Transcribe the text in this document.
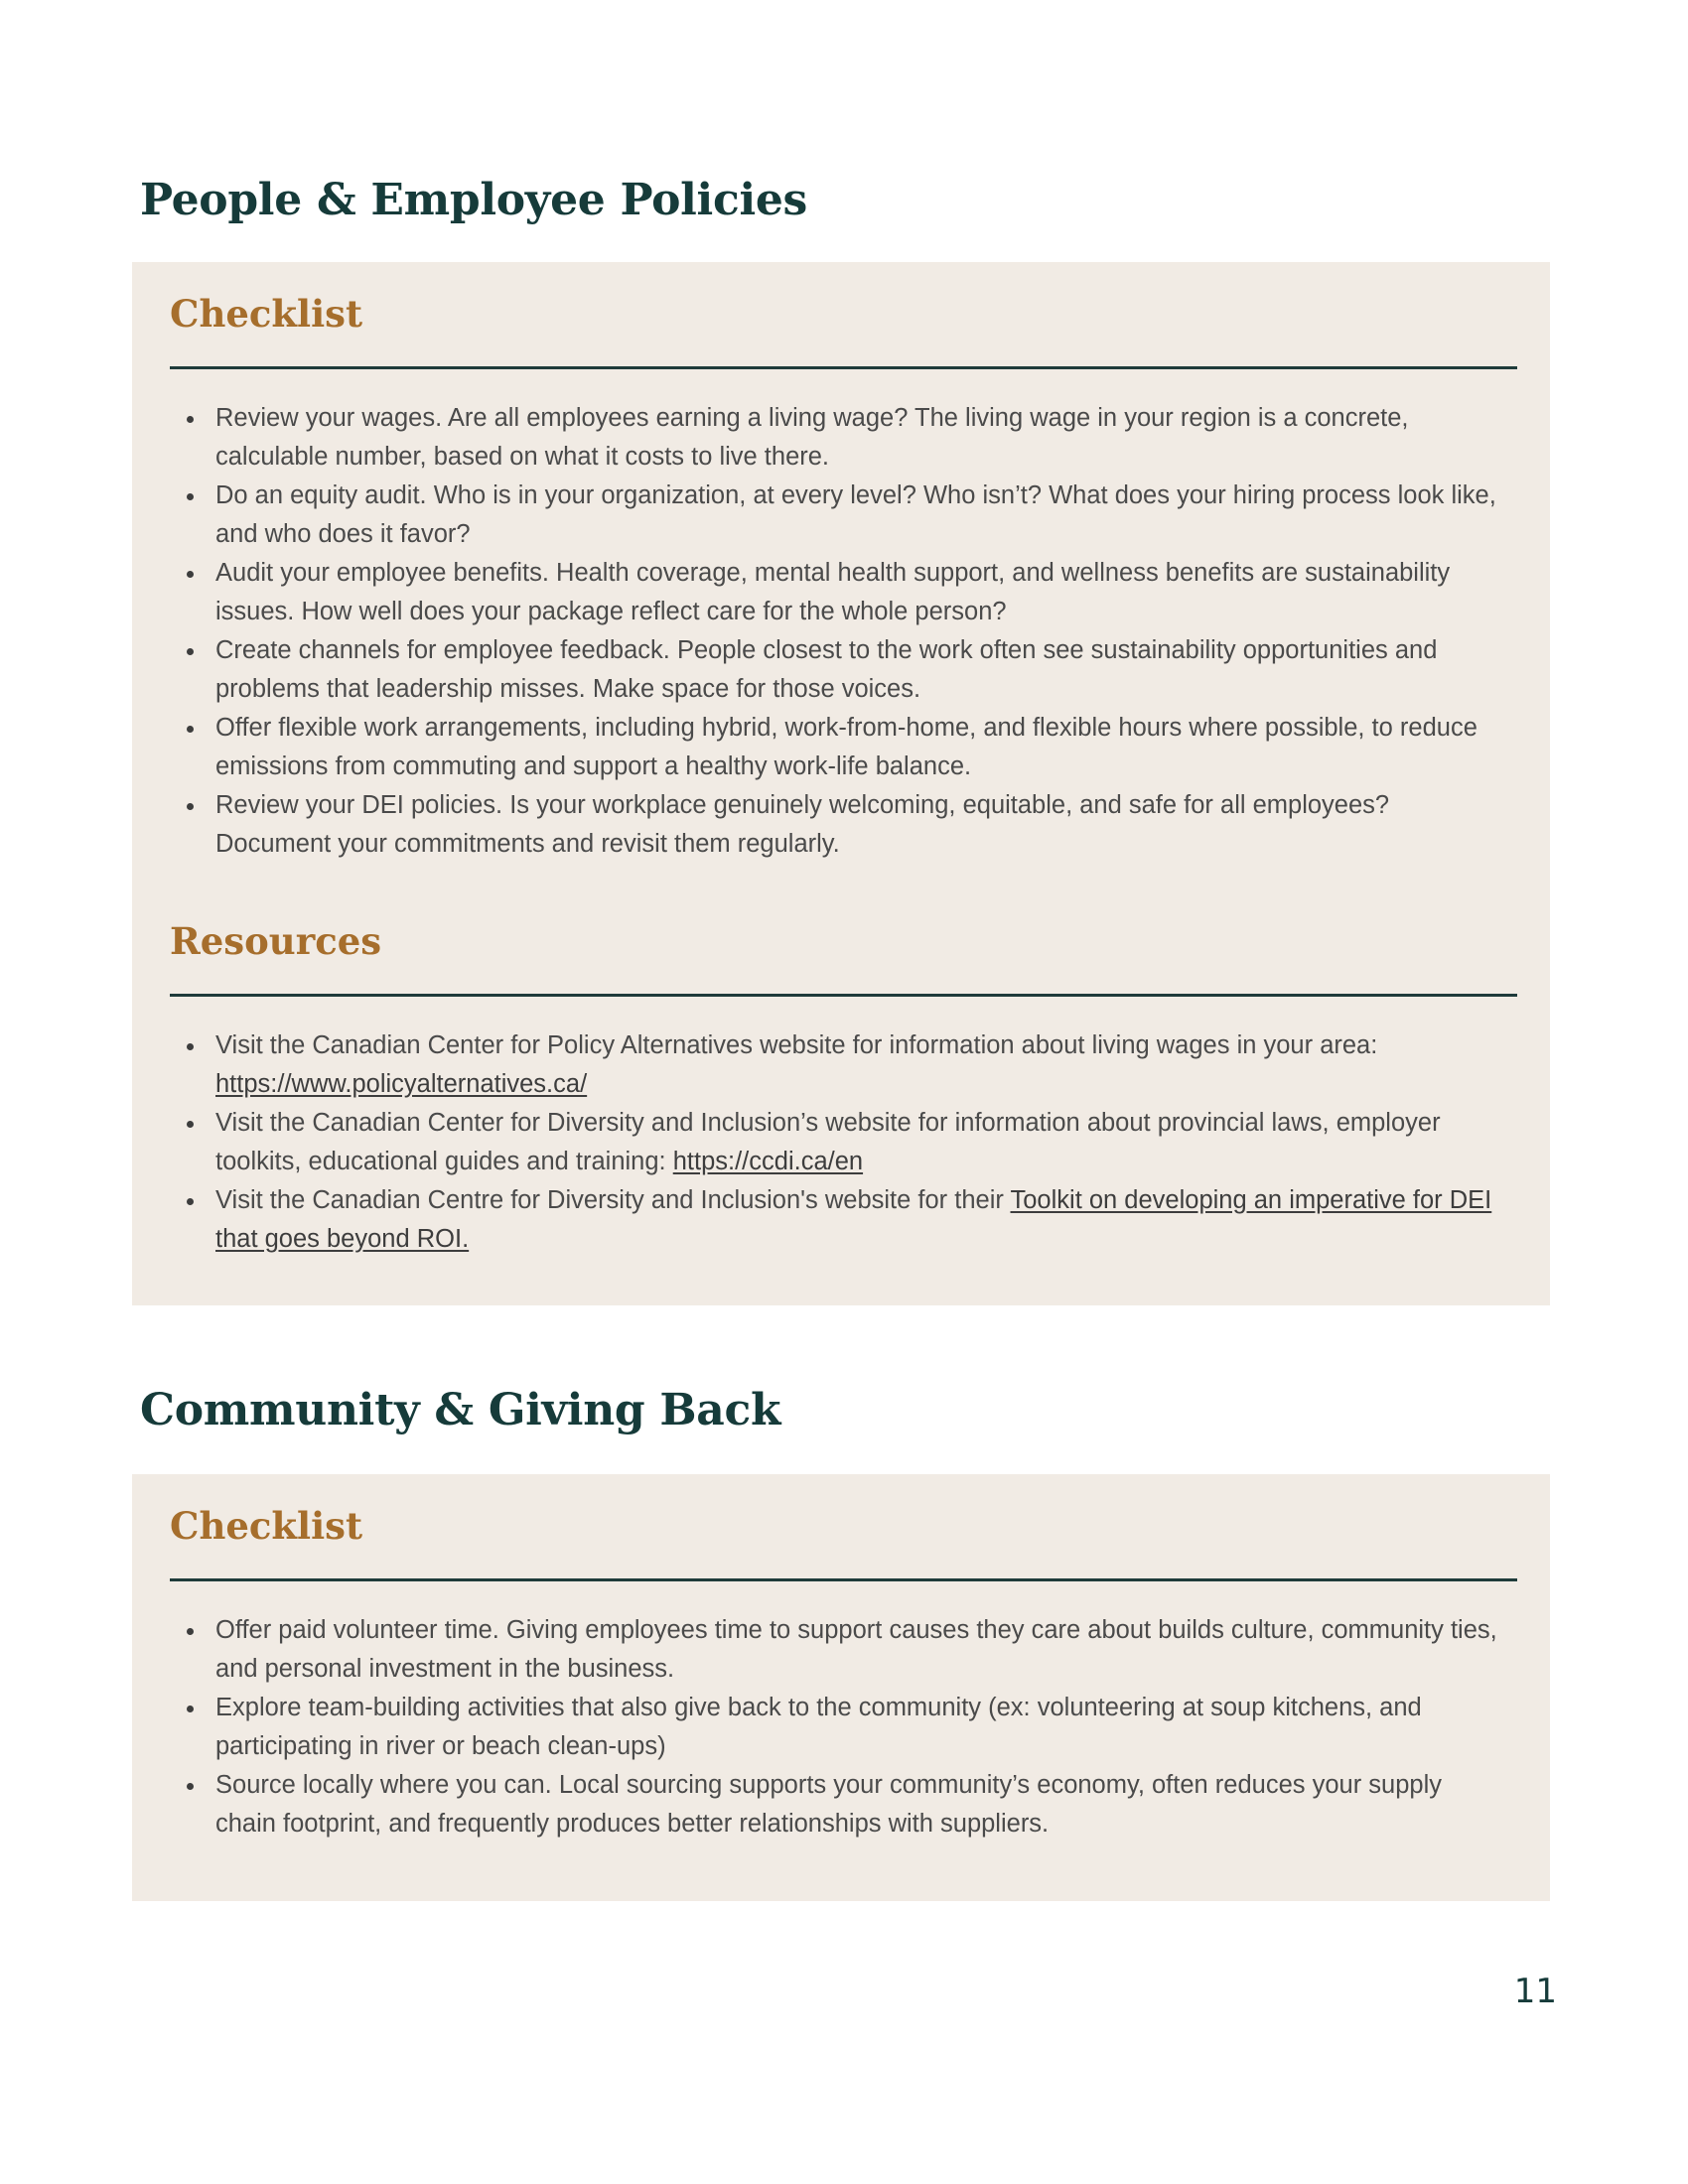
People & Employee Policies
Checklist
Review your wages. Are all employees earning a living wage? The living wage in your region is a concrete, calculable number, based on what it costs to live there.
Do an equity audit. Who is in your organization, at every level? Who isn’t? What does your hiring process look like, and who does it favor?
Audit your employee benefits. Health coverage, mental health support, and wellness benefits are sustainability issues. How well does your package reflect care for the whole person?
Create channels for employee feedback. People closest to the work often see sustainability opportunities and problems that leadership misses. Make space for those voices.
Offer flexible work arrangements, including hybrid, work-from-home, and flexible hours where possible, to reduce emissions from commuting and support a healthy work-life balance.
Review your DEI policies. Is your workplace genuinely welcoming, equitable, and safe for all employees? Document your commitments and revisit them regularly.
Resources
Visit the Canadian Center for Policy Alternatives website for information about living wages in your area: https://www.policyalternatives.ca/
Visit the Canadian Center for Diversity and Inclusion’s website for information about provincial laws, employer toolkits, educational guides and training: https://ccdi.ca/en
Visit the Canadian Centre for Diversity and Inclusion's website for their Toolkit on developing an imperative for DEI that goes beyond ROI.
Community & Giving Back
Checklist
Offer paid volunteer time. Giving employees time to support causes they care about builds culture, community ties, and personal investment in the business.
Explore team-building activities that also give back to the community (ex: volunteering at soup kitchens, and participating in river or beach clean-ups)
Source locally where you can. Local sourcing supports your community’s economy, often reduces your supply chain footprint, and frequently produces better relationships with suppliers.

11
